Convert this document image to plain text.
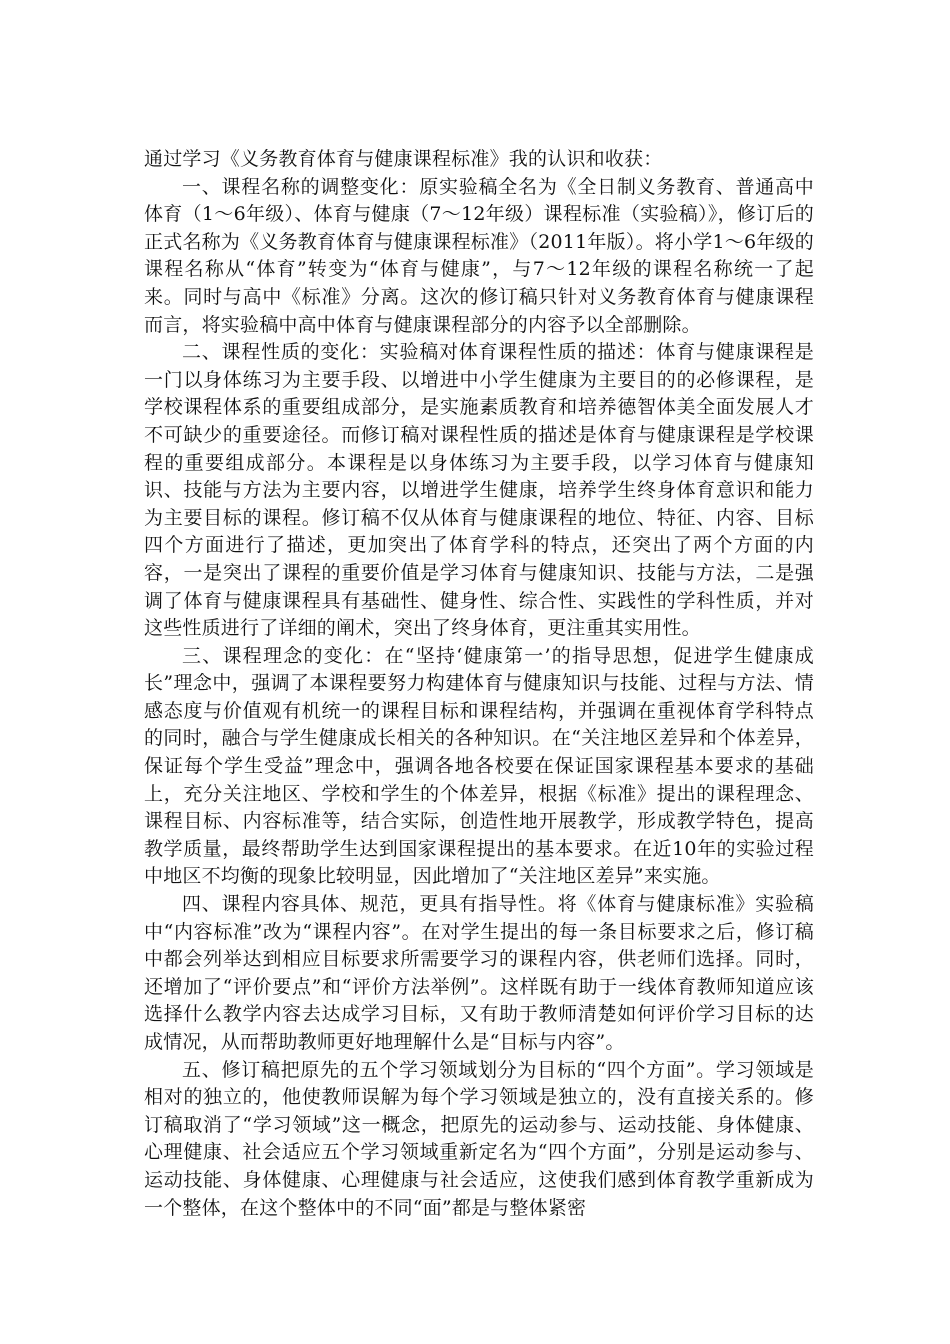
通过学习《义务教育体育与健康课程标准》我的认识和收获：

一、课程名称的调整变化：原实验稿全名为《全日制义务教育、普通高中体育（1～6年级）、体育与健康（7～12年级）课程标准（实验稿）》，修订后的正式名称为《义务教育体育与健康课程标准》（2011年版）。将小学1～6年级的课程名称从“体育”转变为“体育与健康”，与7～12年级的课程名称统一了起来。同时与高中《标准》分离。这次的修订稿只针对义务教育体育与健康课程而言，将实验稿中高中体育与健康课程部分的内容予以全部删除。

二、课程性质的变化：实验稿对体育课程性质的描述：体育与健康课程是一门以身体练习为主要手段、以增进中小学生健康为主要目的的必修课程，是学校课程体系的重要组成部分，是实施素质教育和培养德智体美全面发展人才不可缺少的重要途径。而修订稿对课程性质的描述是体育与健康课程是学校课程的重要组成部分。本课程是以身体练习为主要手段，以学习体育与健康知识、技能与方法为主要内容，以增进学生健康，培养学生终身体育意识和能力为主要目标的课程。修订稿不仅从体育与健康课程的地位、特征、内容、目标四个方面进行了描述，更加突出了体育学科的特点，还突出了两个方面的内容，一是突出了课程的重要价值是学习体育与健康知识、技能与方法，二是强调了体育与健康课程具有基础性、健身性、综合性、实践性的学科性质，并对这些性质进行了详细的阐术，突出了终身体育，更注重其实用性。

三、课程理念的变化：在“坚持‘健康第一’的指导思想，促进学生健康成长”理念中，强调了本课程要努力构建体育与健康知识与技能、过程与方法、情感态度与价值观有机统一的课程目标和课程结构，并强调在重视体育学科特点的同时，融合与学生健康成长相关的各种知识。在“关注地区差异和个体差异，保证每个学生受益”理念中，强调各地各校要在保证国家课程基本要求的基础上，充分关注地区、学校和学生的个体差异，根据《标准》提出的课程理念、课程目标、内容标准等，结合实际，创造性地开展教学，形成教学特色，提高教学质量，最终帮助学生达到国家课程提出的基本要求。在近10年的实验过程中地区不均衡的现象比较明显，因此增加了“关注地区差异”来实施。

四、课程内容具体、规范，更具有指导性。将《体育与健康标准》实验稿中“内容标准”改为“课程内容”。在对学生提出的每一条目标要求之后，修订稿中都会列举达到相应目标要求所需要学习的课程内容，供老师们选择。同时，还增加了“评价要点”和“评价方法举例”。这样既有助于一线体育教师知道应该选择什么教学内容去达成学习目标，又有助于教师清楚如何评价学习目标的达成情况，从而帮助教师更好地理解什么是“目标与内容”。

五、修订稿把原先的五个学习领域划分为目标的“四个方面”。学习领域是相对的独立的，他使教师误解为每个学习领域是独立的，没有直接关系的。修订稿取消了“学习领域”这一概念，把原先的运动参与、运动技能、身体健康、心理健康、社会适应五个学习领域重新定名为“四个方面”，分别是运动参与、运动技能、身体健康、心理健康与社会适应，这使我们感到体育教学重新成为一个整体，在这个整体中的不同“面”都是与整体紧密
